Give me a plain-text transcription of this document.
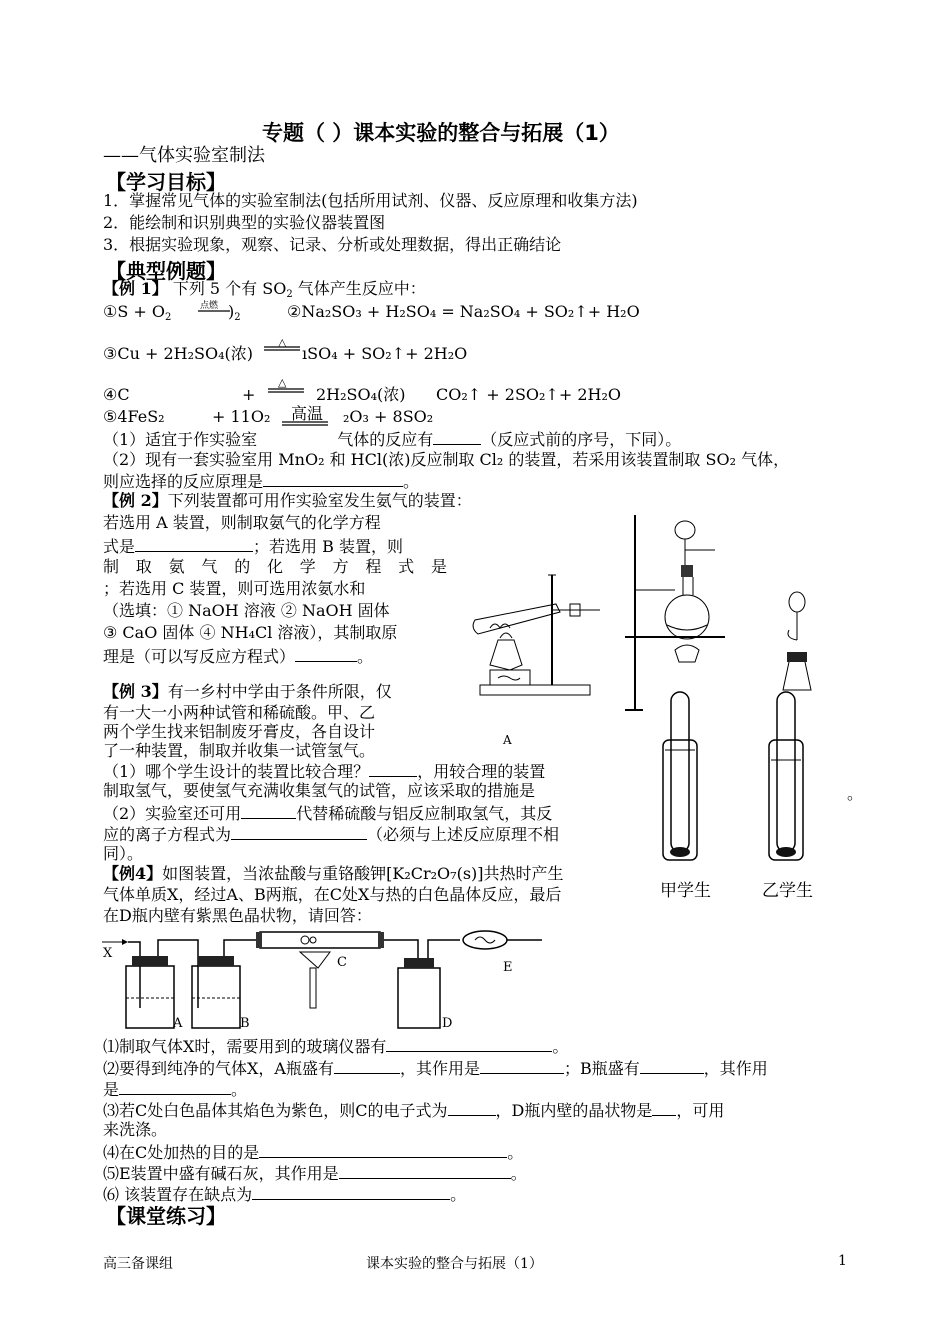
专题（ ）课本实验的整合与拓展（1）
——气体实验室制法
【学习目标】
1．掌握常见气体的实验室制法(包括所用试剂、仪器、反应原理和收集方法)
2．能绘制和识别典型的实验仪器装置图
3．根据实验现象，观察、记录、分析或处理数据，得出正确结论
【典型例题】
【例 1】 下列 5 个有 $SO_2$ 气体产生反应中：
①S + $O_2$
点燃 )$_2$	②Na₂SO₃ + H₂SO₄ = Na₂SO₄ + SO₂↑+ H₂O
③Cu + 2H₂SO₄(浓)
△
ıSO₄ + SO₂↑+ 2H₂O
④C	+
△
2H₂SO₄(浓) CO₂↑ + 2SO₂↑+ 2H₂O
⑤4FeS₂	+ 11O₂ 高温 ₂O₃ + 8SO₂
（1）适宜于作实验室	气体的反应有	（反应式前的序号，下同）。
（2）现有一套实验室用 MnO₂ 和 HCl(浓)反应制取 Cl₂ 的装置，若采用该装置制取 SO₂ 气体，
则应选择的反应原理是	。
【例 2】下列装置都可用作实验室发生氨气的装置：
若选用 A 装置，则制取氨气的化学方程
式是	；若选用 B 装置，则
制 取 氨 气 的 化 学 方 程 式 是
；若选用 C 装置，则可选用浓氨水和
（选填：① NaOH 溶液 ② NaOH 固体
③ CaO 固体 ④ NH₄Cl 溶液），其制取原
理是（可以写反应方程式）	。
A
【例 3】有一乡村中学由于条件所限，仅
有一大一小两种试管和稀硫酸。甲、乙
两个学生找来铝制废牙膏皮，各自设计
了一种装置，制取并收集一试管氢气。
（1）哪个学生设计的装置比较合理？	，用较合理的装置
制取氢气，要使氢气充满收集氢气的试管，应该采取的措施是	。
（2）实验室还可用	代替稀硫酸与铝反应制取氢气，其反
应的离子方程式为	（必须与上述反应原理不相
同）。
甲学生	乙学生
【例4】如图装置，当浓盐酸与重铬酸钾[K₂Cr₂O₇(s)]共热时产生
气体单质X，经过A、B两瓶，在C处X与热的白色晶体反应，最后
在D瓶内壁有紫黑色晶状物，请回答：
X
A	B
C
D
E
⑴制取气体X时，需要用到的玻璃仪器有	。
⑵要得到纯净的气体X，A瓶盛有	，其作用是	；B瓶盛有	，其作用
是	。
⑶若C处白色晶体其焰色为紫色，则C的电子式为	，D瓶内壁的晶状物是 ，可用
来洗涤。
⑷在C处加热的目的是	。
⑸E装置中盛有碱石灰，其作用是	。
⑹ 该装置存在缺点为	。
【课堂练习】
高三备课组	课本实验的整合与拓展（1）	1
